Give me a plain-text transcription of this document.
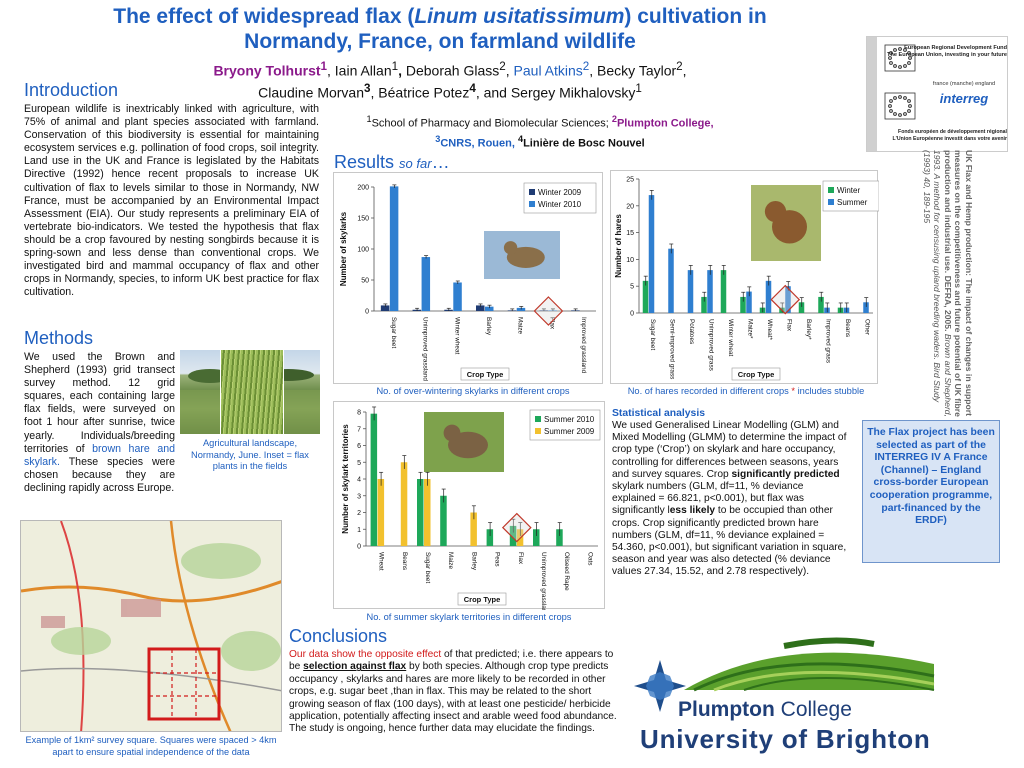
The effect of widespread flax (Linum usitatissimum) cultivation in
Normandy, France, on farmland wildlife
Bryony Tolhurst$^1$, Iain Allan$^1$, Deborah Glass$^2$, Paul Atkins$^2$, Becky Taylor$^2$,
Claudine Morvan$^3$, Béatrice Potez$^4$, and Sergey Mikhalovsky$^1$
$^1$School of Pharmacy and Biomolecular Sciences; $^2$Plumpton College,
$^3$CNRS, Rouen, $^4$Linière de Bosc Nouvel
European Regional Development Fund
The European Union, investing in your future
france (manche) england
interreg
Fonds européen de développement régional
L'Union Européenne investit dans votre avenir
Introduction
European wildlife is inextricably linked with agriculture, with 75% of animal and plant species associated with farmland. Conservation of this biodiversity is essential for maintaining ecosystem services e.g. pollination of food crops, soil integrity. Land use in the UK and France is legislated by the Habitats Directive (1992) hence recent proposals to increase UK cultivation of flax to levels similar to those in Normandy, NW France, must be accompanied by an Environmental Impact Assessment (EIA). Our study represents a preliminary EIA of vertebrate bio-indicators. We tested the hypothesis that flax should be a crop favoured by nesting songbirds because it is spring-sown and less dense than conventional crops. We investigated bird and mammal occupancy of flax and other crops in Normandy, species, to inform UK best practice for flax cultivation.
Methods
We used the Brown and Shepherd (1993) grid transect survey method. 12 grid squares, each containing large flax fields, were surveyed on foot 1 hour after sunrise, twice yearly. Individuals/breeding territories of brown hare and skylark. These species were chosen because they are declining rapidly across Europe.
Agricultural landscape, Normandy, June. Inset = flax plants in the fields
Example of 1km² survey square. Squares were spaced > 4km apart to ensure spatial independence of the data
Results so far…
0
50
100
150
200
Sugar beet	Unimproved grassland	Winter wheat	Barley	Maize	Flax	Improved grassland
Number of skylarks
Crop Type
Winter 2009
Winter 2010
No. of over-wintering skylarks in different crops
0
5
10
15
20
25
Sugar beet Semi-improved grass Potatoes Unimproved grass Winter wheat Maize* Wheat* Flax Barley* Improved grass Beans Other
Number of hares
Crop Type
Winter
Summer
No. of hares recorded in different crops * includes stubble
0
1
2
3
4
5
6
7
8
Wheat	Beans	Sugar beet	Maize	Barley	Peas	Flax	Unimproved grassland	Oilseed Rape	Oats
Number of skylark territories
Crop Type
Summer 2010
Summer 2009
No. of summer skylark territories in different crops
UK Flax and Hemp production: The impact of changes in support measures on the competitiveness and future potential of UK fibre production and industrial use. DEFRA, 2005. Brown and Shepherd, 1993. A method for censusing upland breeding waders. Bird Study (1993) 40, 189-195
Statistical analysis
We used Generalised Linear Modelling (GLM) and Mixed Modelling (GLMM) to determine the impact of crop type (‘Crop’) on skylark and hare occupancy, controlling for differences between seasons, years and survey squares. Crop significantly predicted skylark numbers (GLM, df=11, % deviance explained = 66.821, p<0.001), but flax was significantly less likely to be occupied than other crops. Crop significantly predicted brown hare numbers (GLM, df=11, % deviance explained = 54.360, p<0.001), but significant variation in square, season and year was also detected (% deviance values 27.34, 15.52, and 2.78 respectively).
The Flax project has been selected as part of the INTERREG IV A France (Channel) – England cross-border European cooperation programme, part-financed by the ERDF)
Conclusions
Our data show the opposite effect of that predicted; i.e. there appears to be selection against flax by both species. Although crop type predicts occupancy , skylarks and hares are more likely to be recorded in other crops, e.g. sugar beet ,than in flax. This may be related to the short growing season of flax (100 days), with at least one pesticide/ herbicide application, potentially affecting insect and arable weed food abundance. The study is ongoing, hence further data may elucidate the findings.
Plumpton College
University of Brighton
